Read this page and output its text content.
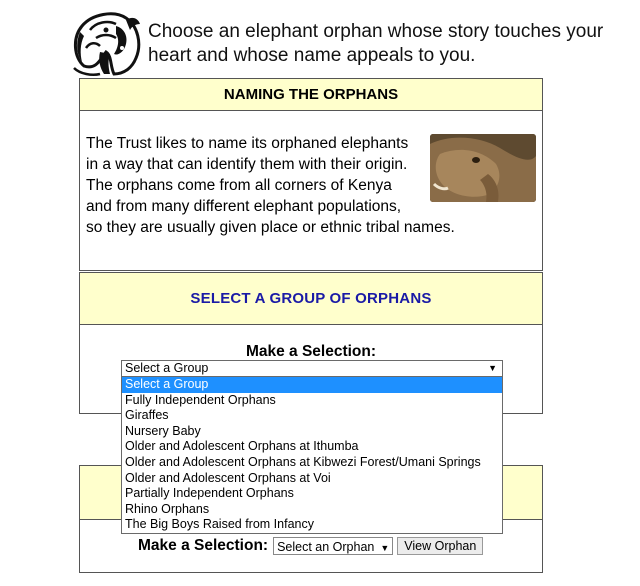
Choose an elephant orphan whose story touches your heart and whose name appeals to you.
NAMING THE ORPHANS
The Trust likes to name its orphaned elephants in a way that can identify them with their origin. The orphans come from all corners of Kenya and from many different elephant populations, so they are usually given place or ethnic tribal names.
SELECT A GROUP OF ORPHANS
Make a Selection:
Make a Selection: Select an Orphan ▼ View Orphan
Select a Group	▼
Select a Group
Fully Independent Orphans
Giraffes
Nursery Baby
Older and Adolescent Orphans at Ithumba
Older and Adolescent Orphans at Kibwezi Forest/Umani Springs
Older and Adolescent Orphans at Voi
Partially Independent Orphans
Rhino Orphans
The Big Boys Raised from Infancy
